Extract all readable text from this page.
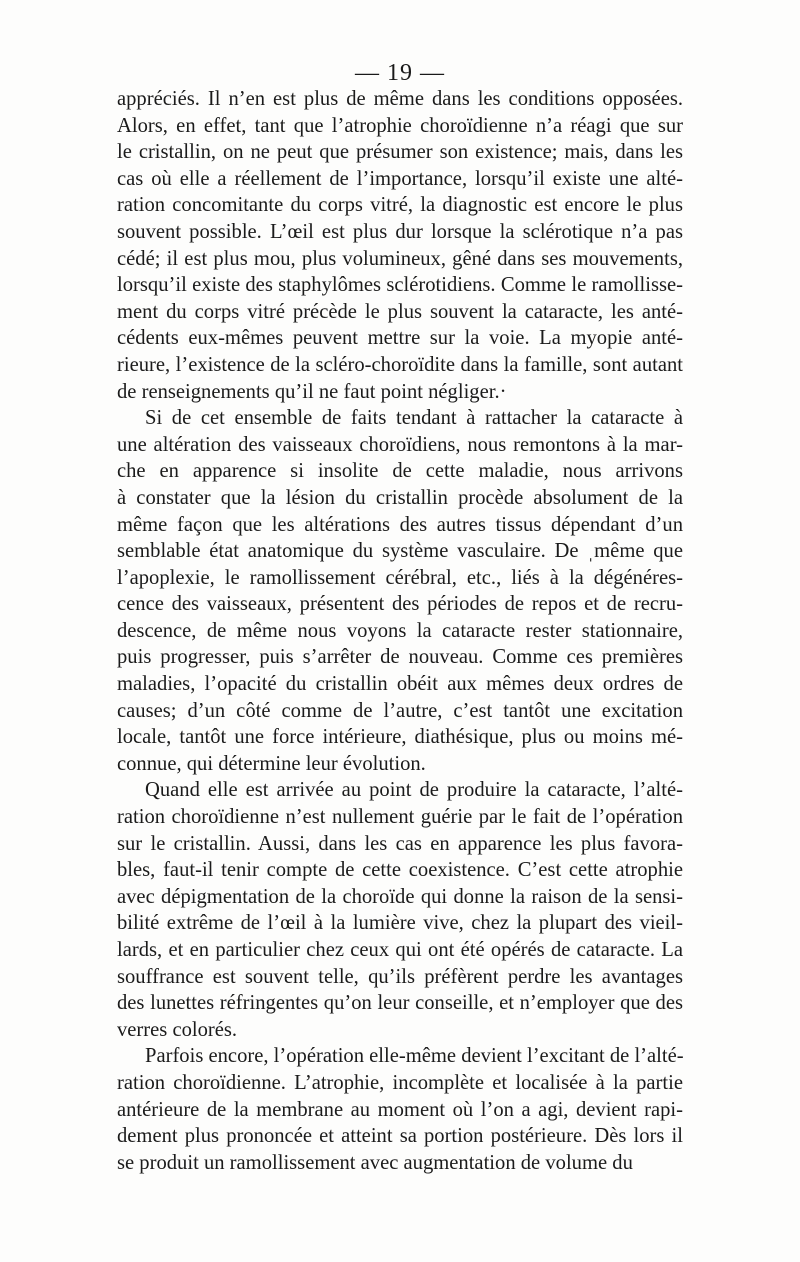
— 19 —
appréciés. Il n’en est plus de même dans les conditions opposées.
Alors, en effet, tant que l’atrophie choroïdienne n’a réagi que sur
le cristallin, on ne peut que présumer son existence; mais, dans les
cas où elle a réellement de l’importance, lorsqu’il existe une alté-
ration concomitante du corps vitré, la diagnostic est encore le plus
souvent possible. L’œil est plus dur lorsque la sclérotique n’a pas
cédé; il est plus mou, plus volumineux, gêné dans ses mouvements,
lorsqu’il existe des staphylômes sclérotidiens. Comme le ramollisse-
ment du corps vitré précède le plus souvent la cataracte, les anté-
cédents eux-mêmes peuvent mettre sur la voie. La myopie anté-
rieure, l’existence de la scléro-choroïdite dans la famille, sont autant
de renseignements qu’il ne faut point négliger.·
Si de cet ensemble de faits tendant à rattacher la cataracte à
une altération des vaisseaux choroïdiens, nous remontons à la mar-
che en apparence si insolite de cette maladie, nous arrivons
à constater que la lésion du cristallin procède absolument de la
même façon que les altérations des autres tissus dépendant d’un
semblable état anatomique du système vasculaire. De ˌmême que
l’apoplexie, le ramollissement cérébral, etc., liés à la dégénéres-
cence des vaisseaux, présentent des périodes de repos et de recru-
descence, de même nous voyons la cataracte rester stationnaire,
puis progresser, puis s’arrêter de nouveau. Comme ces premières
maladies, l’opacité du cristallin obéit aux mêmes deux ordres de
causes; d’un côté comme de l’autre, c’est tantôt une excitation
locale, tantôt une force intérieure, diathésique, plus ou moins mé-
connue, qui détermine leur évolution.
Quand elle est arrivée au point de produire la cataracte, l’alté-
ration choroïdienne n’est nullement guérie par le fait de l’opération
sur le cristallin. Aussi, dans les cas en apparence les plus favora-
bles, faut-il tenir compte de cette coexistence. C’est cette atrophie
avec dépigmentation de la choroïde qui donne la raison de la sensi-
bilité extrême de l’œil à la lumière vive, chez la plupart des vieil-
lards, et en particulier chez ceux qui ont été opérés de cataracte. La
souffrance est souvent telle, qu’ils préfèrent perdre les avantages
des lunettes réfringentes qu’on leur conseille, et n’employer que des
verres colorés.
Parfois encore, l’opération elle-même devient l’excitant de l’alté-
ration choroïdienne. L’atrophie, incomplète et localisée à la partie
antérieure de la membrane au moment où l’on a agi, devient rapi-
dement plus prononcée et atteint sa portion postérieure. Dès lors il
se produit un ramollissement avec augmentation de volume du
